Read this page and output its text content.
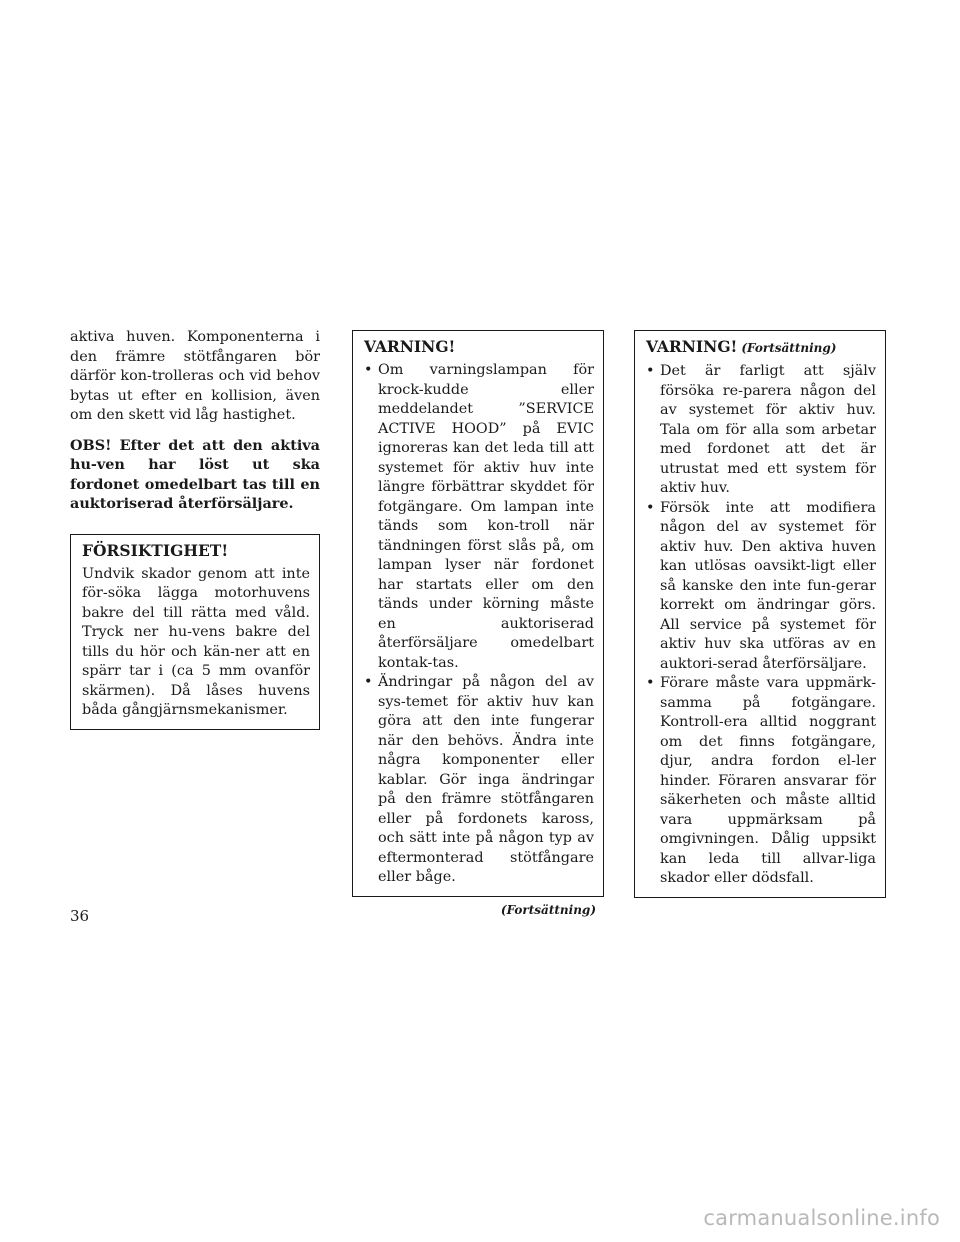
aktiva huven. Komponenterna i den främre stötfångaren bör därför kon-trolleras och vid behov bytas ut efter en kollision, även om den skett vid låg hastighet.

OBS! Efter det att den aktiva hu-ven har löst ut ska fordonet omedelbart tas till en auktoriserad återförsäljare.

FÖRSIKTIGHET!

Undvik skador genom att inte för-söka lägga motorhuvens bakre del till rätta med våld. Tryck ner hu-vens bakre del tills du hör och kän-ner att en spärr tar i (ca 5 mm ovanför skärmen). Då låses huvens båda gångjärnsmekanismer.

VARNING!
• Om varningslampan för krock-kudde eller meddelandet ”SERVICE ACTIVE HOOD” på EVIC ignoreras kan det leda till att systemet för aktiv huv inte längre förbättrar skyddet för fotgängare. Om lampan inte tänds som kon-troll när tändningen först slås på, om lampan lyser när fordonet har startats eller om den tänds under körning måste en auktoriserad återförsäljare omedelbart kontak-tas.
• Ändringar på någon del av sys-temet för aktiv huv kan göra att den inte fungerar när den behövs. Ändra inte några komponenter eller kablar. Gör inga ändringar på den främre stötfångaren eller på fordonets kaross, och sätt inte på någon typ av eftermonterad stötfångare eller båge.
(Fortsättning)
VARNING! (Fortsättning)
• Det är farligt att själv försöka re-parera någon del av systemet för aktiv huv. Tala om för alla som arbetar med fordonet att det är utrustat med ett system för aktiv huv.
• Försök inte att modifiera någon del av systemet för aktiv huv. Den aktiva huven kan utlösas oavsikt-ligt eller så kanske den inte fun-gerar korrekt om ändringar görs. All service på systemet för aktiv huv ska utföras av en auktori-serad återförsäljare.
• Förare måste vara uppmärk-samma på fotgängare. Kontroll-era alltid noggrant om det finns fotgängare, djur, andra fordon el-ler hinder. Föraren ansvarar för säkerheten och måste alltid vara uppmärksam på omgivningen. Dålig uppsikt kan leda till allvar-liga skador eller dödsfall.
36
carmanualsonline.info
